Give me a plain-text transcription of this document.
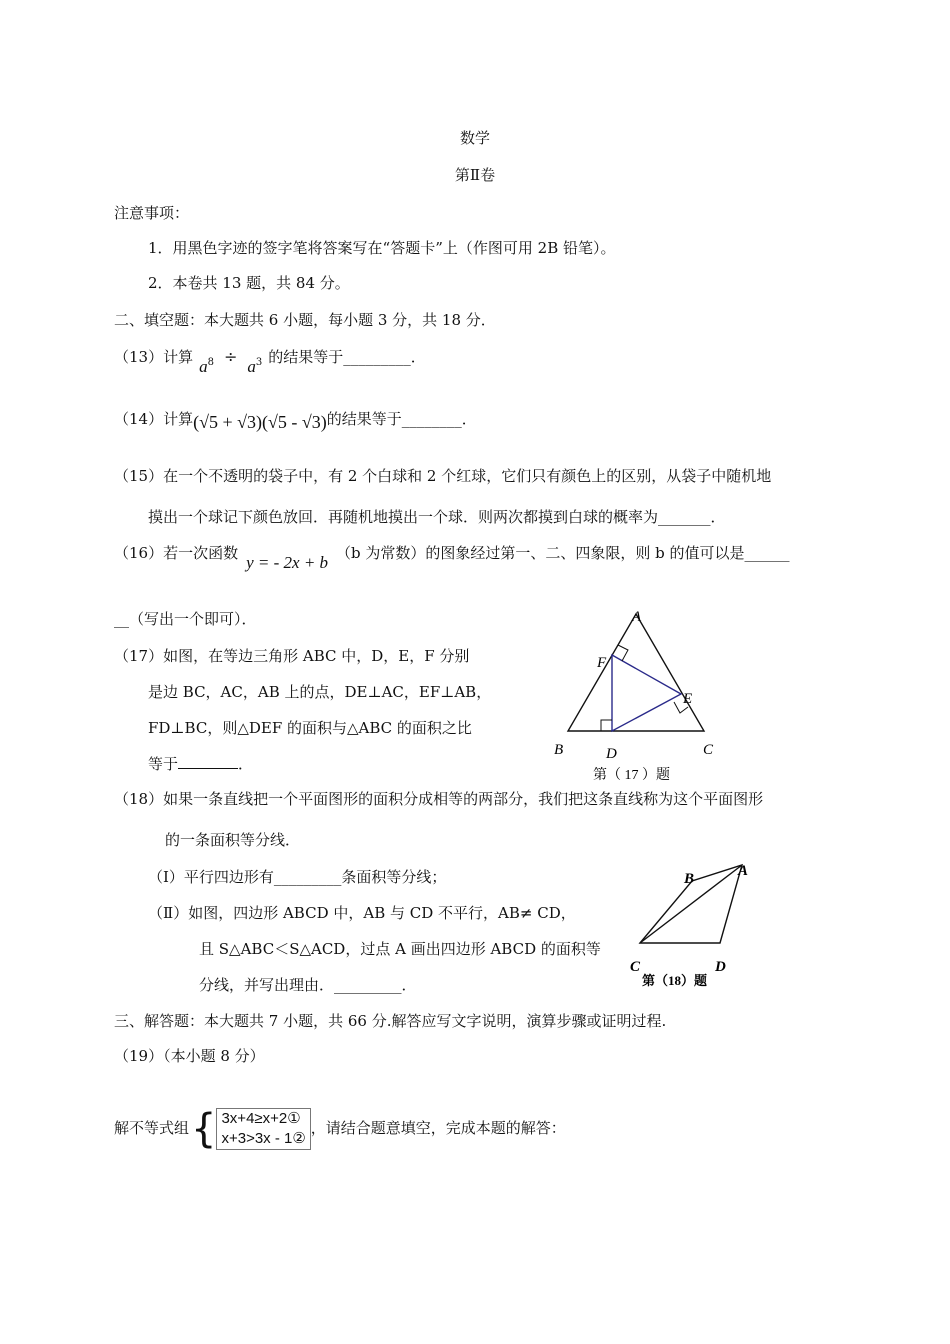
数学
第Ⅱ卷
注意事项：
1．用黑色字迹的签字笔将答案写在“答题卡”上（作图可用 2B 铅笔）。
2．本卷共 13 题，共 84 分。
二、填空题：本大题共 6 小题，每小题 3 分，共 18 分．
（13）计算 $a_8 \div a_3$ 的结果等于_________．
（14）计算(√5 + √3)(√5 - √3)的结果等于________．
（15）在一个不透明的袋子中，有 2 个白球和 2 个红球，它们只有颜色上的区别，从袋子中随机地
摸出一个球记下颜色放回．再随机地摸出一个球．则两次都摸到白球的概率为_______．
（16）若一次函数 y = - 2x + b （b 为常数）的图象经过第一、二、四象限，则 b 的值可以是______
__（写出一个即可）．
（17）如图，在等边三角形 ABC 中，D，E，F 分别
是边 BC，AC，AB 上的点，DE⊥AC，EF⊥AB，
FD⊥BC，则△DEF 的面积与△ABC 的面积之比
等于	．
A
F
E
B	D	C
第（ 17 ）题
（18）如果一条直线把一个平面图形的面积分成相等的两部分，我们把这条直线称为这个平面图形
的一条面积等分线．
（Ⅰ）平行四边形有_________条面积等分线；
（Ⅱ）如图，四边形 ABCD 中，AB 与 CD 不平行，AB≠ CD，
且 S△ABC＜S△ACD，过点 A 画出四边形 ABCD 的面积等
分线，并写出理由．_________．
B	A
C	D
第（18）题
三、解答题：本大题共 7 小题，共 66 分.解答应写文字说明，演算步骤或证明过程.
（19）（本小题 8 分）
解不等式组{ 3x+4≥x+2①
x+3>3x - 1②
，请结合题意填空，完成本题的解答：
